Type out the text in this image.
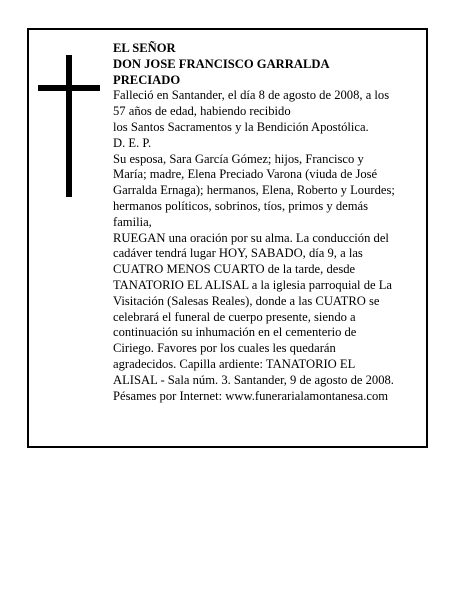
EL SEÑOR
DON JOSE FRANCISCO GARRALDA
PRECIADO
Falleció en Santander, el día 8 de agosto de 2008, a los
57 años de edad, habiendo recibido
los Santos Sacramentos y la Bendición Apostólica.
D. E. P.
Su esposa, Sara García Gómez; hijos, Francisco y
María; madre, Elena Preciado Varona (viuda de José
Garralda Ernaga); hermanos, Elena, Roberto y Lourdes;
hermanos políticos, sobrinos, tíos, primos y demás
familia,
RUEGAN una oración por su alma. La conducción del
cadáver tendrá lugar HOY, SABADO, día 9, a las
CUATRO MENOS CUARTO de la tarde, desde
TANATORIO EL ALISAL a la iglesia parroquial de La
Visitación (Salesas Reales), donde a las CUATRO se
celebrará el funeral de cuerpo presente, siendo a
continuación su inhumación en el cementerio de
Ciriego. Favores por los cuales les quedarán
agradecidos. Capilla ardiente: TANATORIO EL
ALISAL - Sala núm. 3. Santander, 9 de agosto de 2008.
Pésames por Internet: www.funerarialamontanesa.com
